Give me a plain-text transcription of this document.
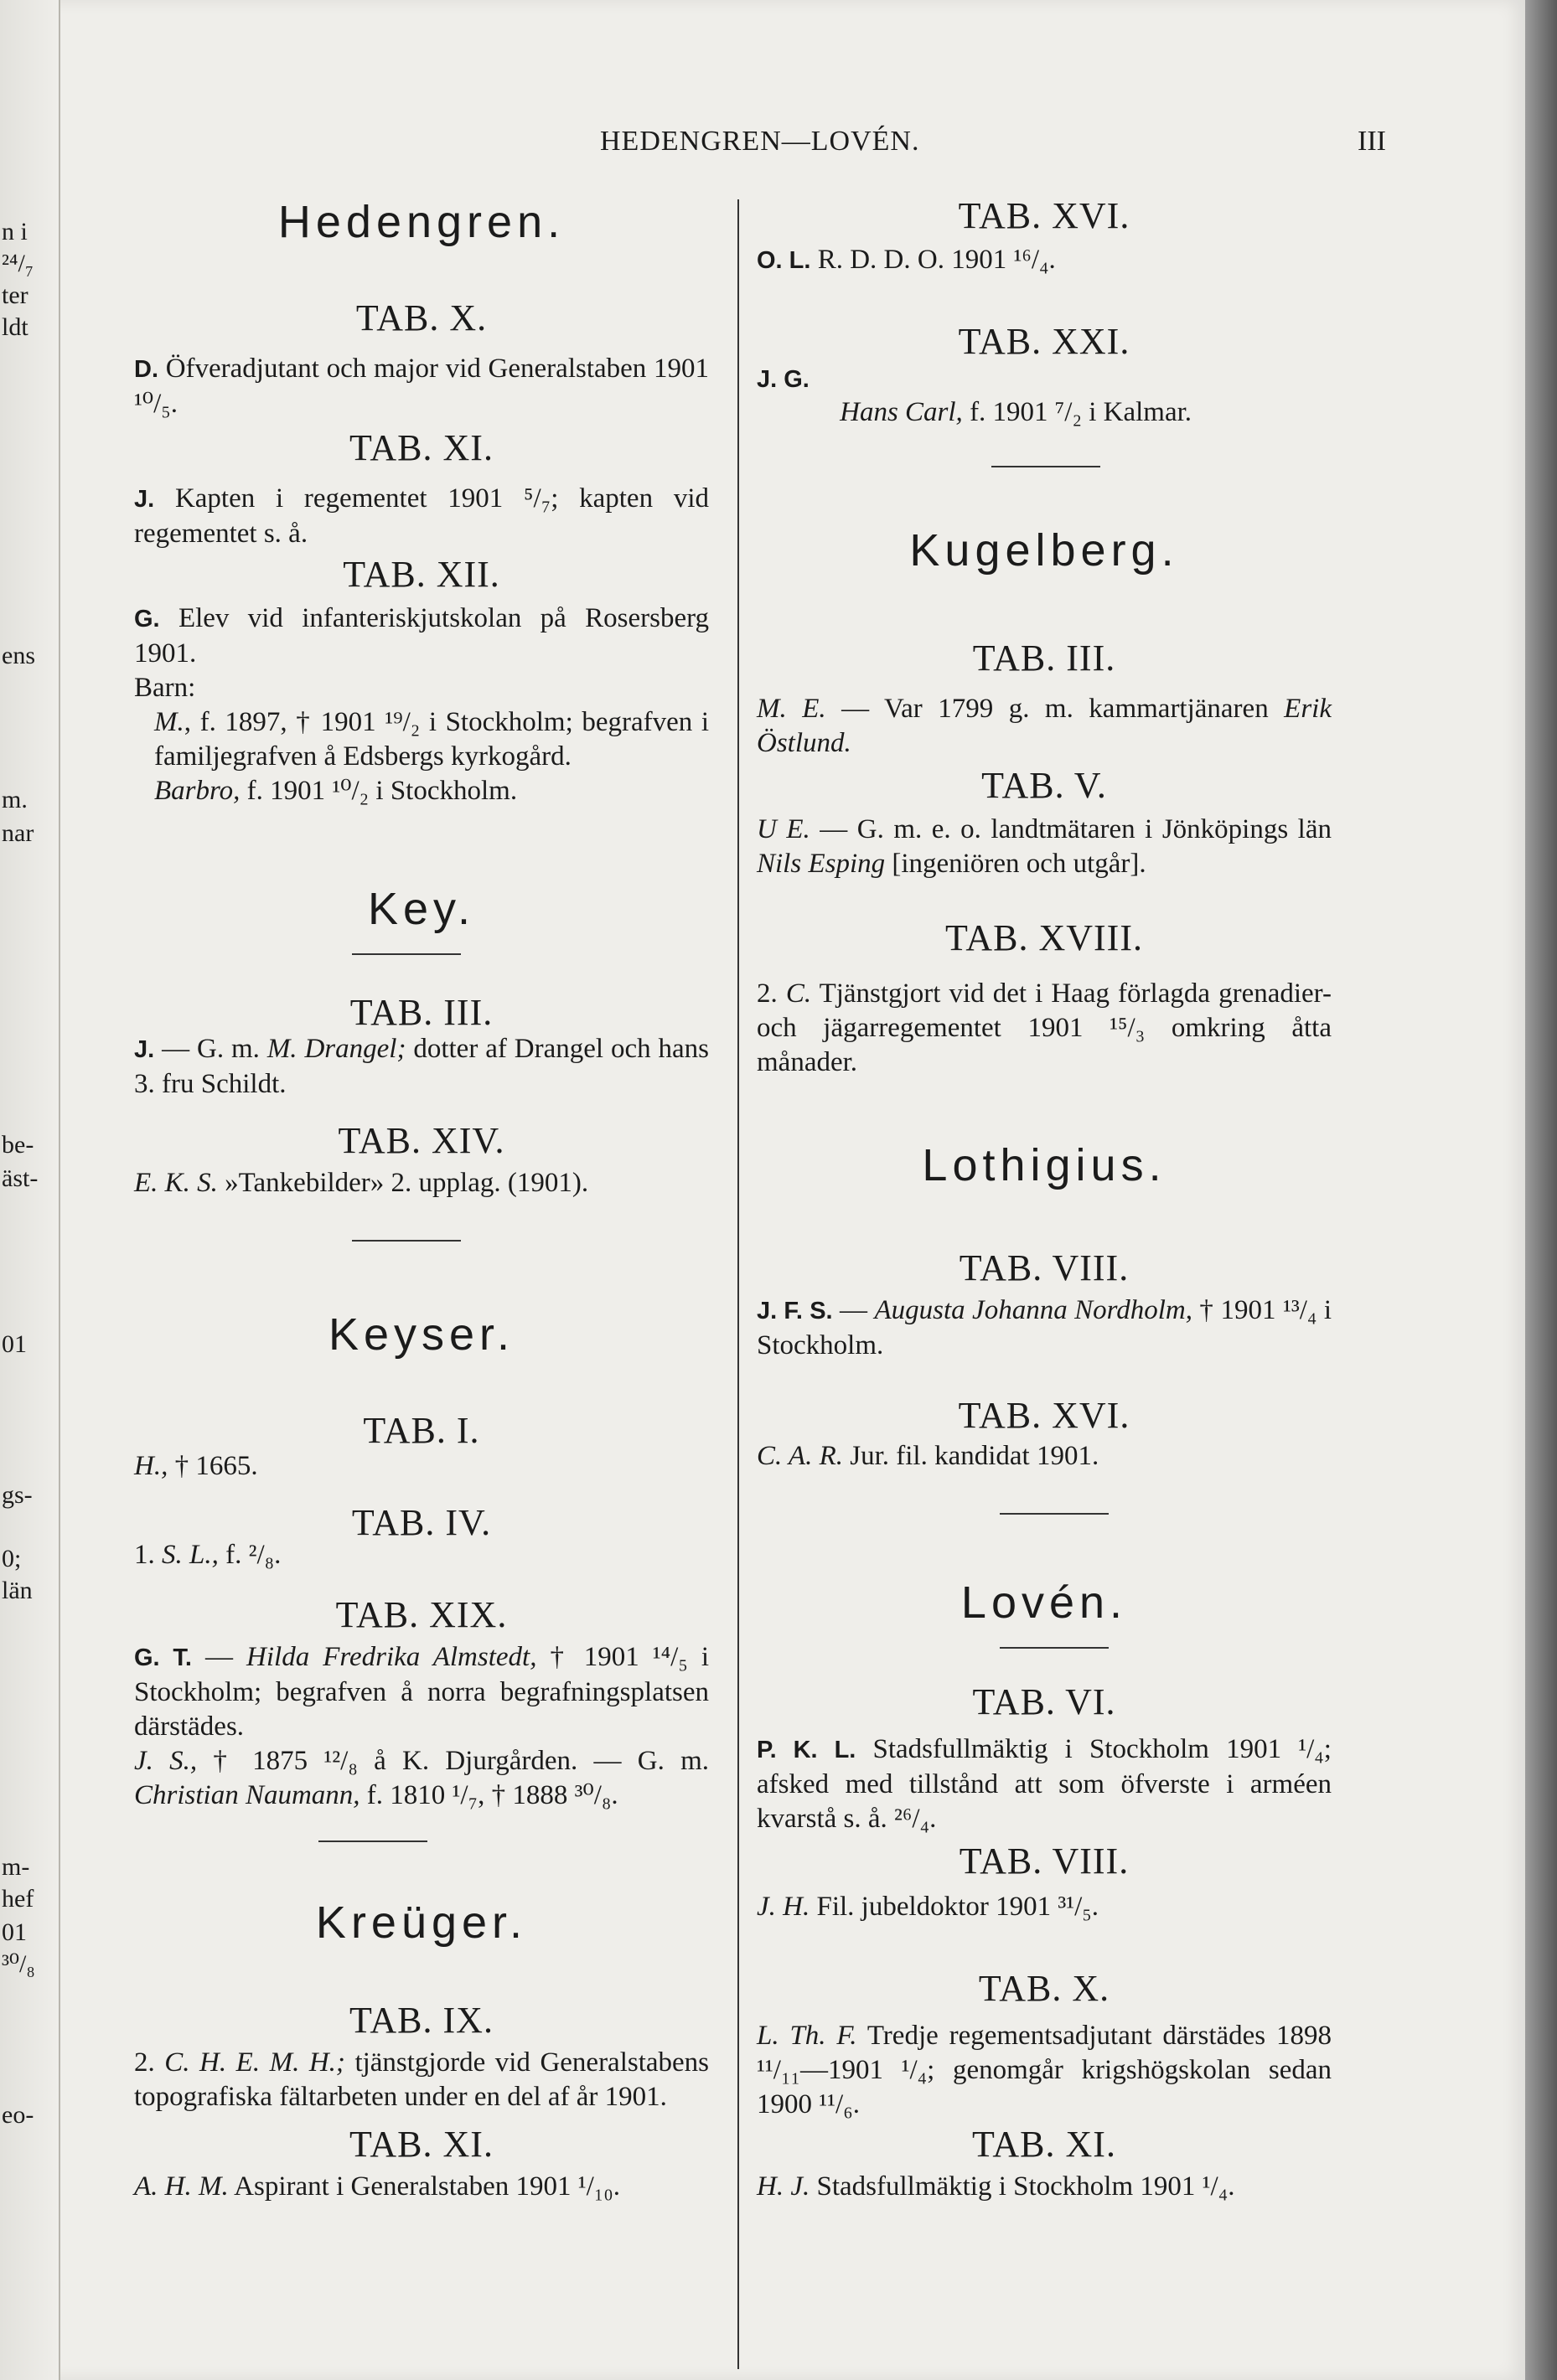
n i
²⁴/₇
ter
ldt
ens
m.
nar
be-
äst-
01
gs-
0;
län
m-
hef
01
³⁰/₈
eo-
HEDENGREN—LOVÉN.	III
Hedengren.
TAB. X.
D. Öfveradjutant och major vid Generalstaben 1901 ¹⁰/₅.
TAB. XI.
J. Kapten i regementet 1901 ⁵/₇; kapten vid regementet s. å.
TAB. XII.
G. Elev vid infanteriskjutskolan på Rosersberg 1901.
Barn:
M., f. 1897, † 1901 ¹⁹/₂ i Stockholm; begrafven i familjegrafven å Edsbergs kyrkogård.
Barbro, f. 1901 ¹⁰/₂ i Stockholm.
Key.
TAB. III.
J. — G. m. M. Drangel; dotter af Drangel och hans 3. fru Schildt.
TAB. XIV.
E. K. S. »Tankebilder» 2. upplag. (1901).
Keyser.
TAB. I.
H., † 1665.
TAB. IV.
1. S. L., f. ²/₈.
TAB. XIX.
G. T. — Hilda Fredrika Almstedt, † 1901 ¹⁴/₅ i Stockholm; begrafven å norra begrafningsplatsen därstädes.
J. S., † 1875 ¹²/₈ å K. Djurgården. — G. m. Christian Naumann, f. 1810 ¹/₇, † 1888 ³⁰/₈.
Kreüger.
TAB. IX.
2. C. H. E. M. H.; tjänstgjorde vid Generalstabens topografiska fältarbeten under en del af år 1901.
TAB. XI.
A. H. M. Aspirant i Generalstaben 1901 ¹/₁₀.
TAB. XVI.
O. L. R. D. D. O. 1901 ¹⁶/₄.
TAB. XXI.
J. G. Hans Carl, f. 1901 ⁷/₂ i Kalmar.
Kugelberg.
TAB. III.
M. E. — Var 1799 g. m. kammartjänaren Erik Östlund.
TAB. V.
U E. — G. m. e. o. landtmätaren i Jönköpings län Nils Esping [ingeniören och utgår].
TAB. XVIII.
2. C. Tjänstgjort vid det i Haag förlagda grenadier- och jägarregementet 1901 ¹⁵/₃ omkring åtta månader.
Lothigius.
TAB. VIII.
J. F. S. — Augusta Johanna Nordholm, † 1901 ¹³/₄ i Stockholm.
TAB. XVI.
C. A. R. Jur. fil. kandidat 1901.
Lovén.
TAB. VI.
P. K. L. Stadsfullmäktig i Stockholm 1901 ¹/₄; afsked med tillstånd att som öfverste i arméen kvarstå s. å. ²⁶/₄.
TAB. VIII.
J. H. Fil. jubeldoktor 1901 ³¹/₅.
TAB. X.
L. Th. F. Tredje regementsadjutant därstädes 1898 ¹¹/₁₁—1901 ¹/₄; genomgår krigshögskolan sedan 1900 ¹¹/₆.
TAB. XI.
H. J. Stadsfullmäktig i Stockholm 1901 ¹/₄.
